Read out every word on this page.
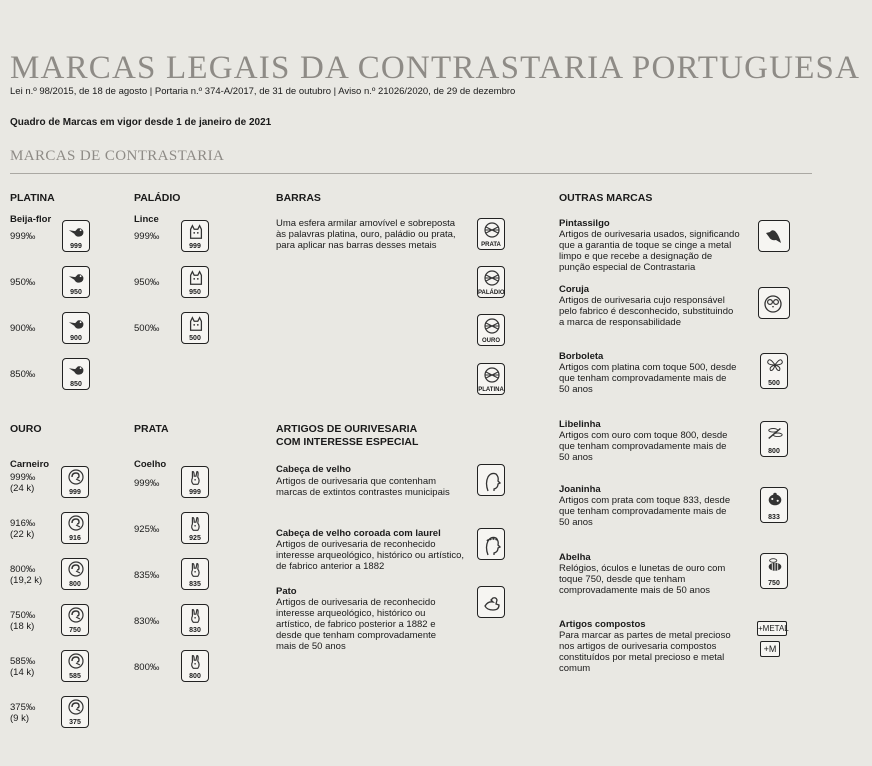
MARCAS LEGAIS DA CONTRASTARIA PORTUGUESA
Lei n.º 98/2015, de 18 de agosto | Portaria n.º 374-A/2017, de 31 de outubro | Aviso n.º 21026/2020, de 29 de dezembro
Quadro de Marcas em vigor desde 1 de janeiro de 2021
MARCAS DE CONTRASTARIA
PLATINA
Beija-flor
999‰
950‰
900‰
850‰
999
950
900
850
PALÁDIO
Lince
999‰
950‰
500‰
999
950
500
BARRAS
Uma esfera armilar amovível e sobreposta às palavras platina, ouro, paládio ou prata, para aplicar nas barras desses metais	PRATA
PALÁDIO
OURO
PLATINA
OURO
Carneiro
999‰
(24 k)
916‰
(22 k)
800‰
(19,2 k)
750‰
(18 k)
585‰
(14 k)
375‰
(9 k)
999
916
800
750
585
375
PRATA
Coelho
999‰
925‰
835‰
830‰
800‰
999
925
835
830
800
ARTIGOS DE OURIVESARIA
COM INTERESSE ESPECIAL
Cabeça de velho
Artigos de ourivesaria que contenham marcas de extintos contrastes municipais
Cabeça de velho coroada com laurel
Artigos de ourivesaria de reconhecido interesse arqueológico, histórico ou artístico, de fabrico anterior a 1882
Pato
Artigos de ourivesaria de reconhecido interesse arqueológico, histórico ou artístico, de fabrico posterior a 1882 e desde que tenham comprovadamente mais de 50 anos
OUTRAS MARCAS
Pintassilgo
Artigos de ourivesaria usados, significando que a garantia de toque se cinge a metal limpo e que recebe a designação de punção especial de Contrastaria
Coruja
Artigos de ourivesaria cujo responsável pelo fabrico é desconhecido, substituindo a marca de responsabilidade
Borboleta
Artigos com platina com toque 500, desde que tenham comprovadamente mais de 50 anos
500
Libelinha
Artigos com ouro com toque 800, desde que tenham comprovadamente mais de 50 anos
800
Joaninha
Artigos com prata com toque 833, desde que tenham comprovadamente mais de 50 anos	833
Abelha
Relógios, óculos e lunetas de ouro com toque 750, desde que tenham comprovadamente mais de 50 anos
750
Artigos compostos
Para marcar as partes de metal precioso nos artigos de ourivesaria compostos constituídos por metal precioso e metal comum
+METAL
+M
